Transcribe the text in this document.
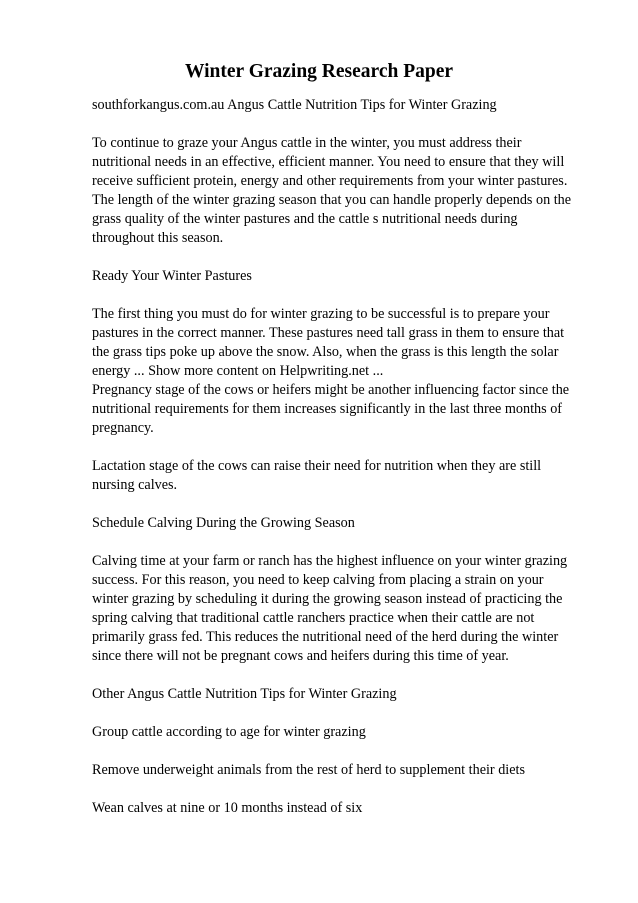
Winter Grazing Research Paper

southforkangus.com.au Angus Cattle Nutrition Tips for Winter Grazing

To continue to graze your Angus cattle in the winter, you must address their
nutritional needs in an effective, efficient manner. You need to ensure that they will
receive sufficient protein, energy and other requirements from your winter pastures.
The length of the winter grazing season that you can handle properly depends on the
grass quality of the winter pastures and the cattle s nutritional needs during
throughout this season.

Ready Your Winter Pastures

The first thing you must do for winter grazing to be successful is to prepare your
pastures in the correct manner. These pastures need tall grass in them to ensure that
the grass tips poke up above the snow. Also, when the grass is this length the solar
energy ... Show more content on Helpwriting.net ...

Pregnancy stage of the cows or heifers might be another influencing factor since the
nutritional requirements for them increases significantly in the last three months of
pregnancy.

Lactation stage of the cows can raise their need for nutrition when they are still
nursing calves.

Schedule Calving During the Growing Season

Calving time at your farm or ranch has the highest influence on your winter grazing
success. For this reason, you need to keep calving from placing a strain on your
winter grazing by scheduling it during the growing season instead of practicing the
spring calving that traditional cattle ranchers practice when their cattle are not
primarily grass fed. This reduces the nutritional need of the herd during the winter
since there will not be pregnant cows and heifers during this time of year.

Other Angus Cattle Nutrition Tips for Winter Grazing

Group cattle according to age for winter grazing

Remove underweight animals from the rest of herd to supplement their diets

Wean calves at nine or 10 months instead of six
